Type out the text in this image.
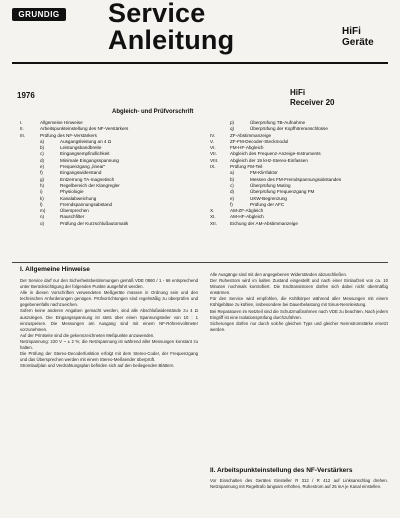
GRUNDIG Service
Anleitung	HiFi
Geräte
1976	HiFi
Receiver 20
Abgleich- und Prüfvorschrift
I.	Allgemeine Hinweise
II.	Arbeitspunkteinstellung des NF-Verstärkers
III.	Prüfung des NF-Verstärkers
a)	Ausgangsleistung an 4 Ω
b)	Leistungsbandbreite
c)	Eingangsempfindlichkeit
d)	Minimale Eingangsspannung
e)	Frequenzgang „linear“
f)	Eingangswiderstand
g)	Entzerrung TA-magnetisch
h)	Regelbereich der Klangregler
i)	Physiologie
k)	Kanalabweichung
l)	Fremdspannungsabstand
m)	Übersprechen
n)	Rauschfilter
o)	Prüfung der Kurzschlußautomatik
p)	Überprüfung TB-Aufnahme
q)	Überprüfung der Kopfhöreranschlüsse
IV.	ZF-Abstimmanzeige
V.	ZF-FM-Decoder-Steckmodul
VI.	FM-HF-Abgleich
VII.	Abgleich des Frequenz-Anzeige-Instruments
VIII.	Abgleich der 19 kHz-Stereo-Einfassen
IX.	Prüfung FM-Teil
a)	FM-Klirrfaktor
b)	Messen des FM-Fremdspannungsabstandes
c)	Überprüfung Muting
d)	Überprüfung Frequenzgang FM
e)	UKW-Begrenzung
f)	Prüfung der AFC
X.	AM-ZF-Abgleich
XI.	AM-HF-Abgleich
XII.	Eichung der AM-Abstimmanzeige
I. Allgemeine Hinweise

Der Service darf nur den Sicherheitsbestimmungen gemäß VDE 0860 / 1 - 66 entsprechend unter Berücksichtigung der folgenden Punkte ausgeführt werden.

Alle in diesen Vorschriften verwendeten Meßgeräte müssen in Ordnung sein und den technischen Anforderungen genügen. Prüfvorrichtungen sind regelmäßig zu überprüfen und gegebenenfalls nachzueichen.

Sofern keine anderen Angaben gemacht werden, sind alle Abschlußwiderstände zu 4 Ω auszulegen. Die Eingangsspannung ist stets über einen Spannungsteiler von 10 : 1 einzuspeisen. Die Messungen am Ausgang sind mit einem NF-Röhrenvoltmeter vorzunehmen.

Auf der Printseite sind die gekennzeichneten Meßpunkte anzuwenden.

Netzspannung: 220 V ~ ± 2 %; die Netzspannung ist während aller Messungen konstant zu halten.

Die Prüfung der Stereo-Decoderfunktion erfolgt mit dem Stereo-Coder, der Frequenzgang und das Übersprechen werden mit einem Stereo-Meßsender überprüft.

Stromlaufplan und Verdrahtungsplan befinden sich auf den beiliegenden Blättern.

Alle Ausgänge sind mit den angegebenen Widerständen abzuschließen.

Der Ruhestrom wird im kalten Zustand eingestellt und nach einer Einlaufzeit von ca. 10 Minuten nochmals kontrolliert. Die Endtransistoren dürfen sich dabei nicht übermäßig erwärmen.

Für den Service wird empfohlen, die Kühlkörper während aller Messungen mit einem Kühlgebläse zu kühlen, insbesondere bei Dauerbelastung mit Sinus-Nennleistung.

Bei Reparaturen im Netzteil sind die Schutzmaßnahmen nach VDE zu beachten. Nach jedem Eingriff ist eine Isolationsprüfung durchzuführen.

Sicherungen dürfen nur durch solche gleichen Typs und gleicher Nennstromstärke ersetzt werden.

II. Arbeitspunkteinstellung des NF-Verstärkers

Vor Einschalten des Gerätes Einsteller R 312 / R 412 auf Linksanschlag drehen. Netzspannung mit Regeltrafo langsam erhöhen, Ruhestrom auf 25 mA je Kanal einstellen.
